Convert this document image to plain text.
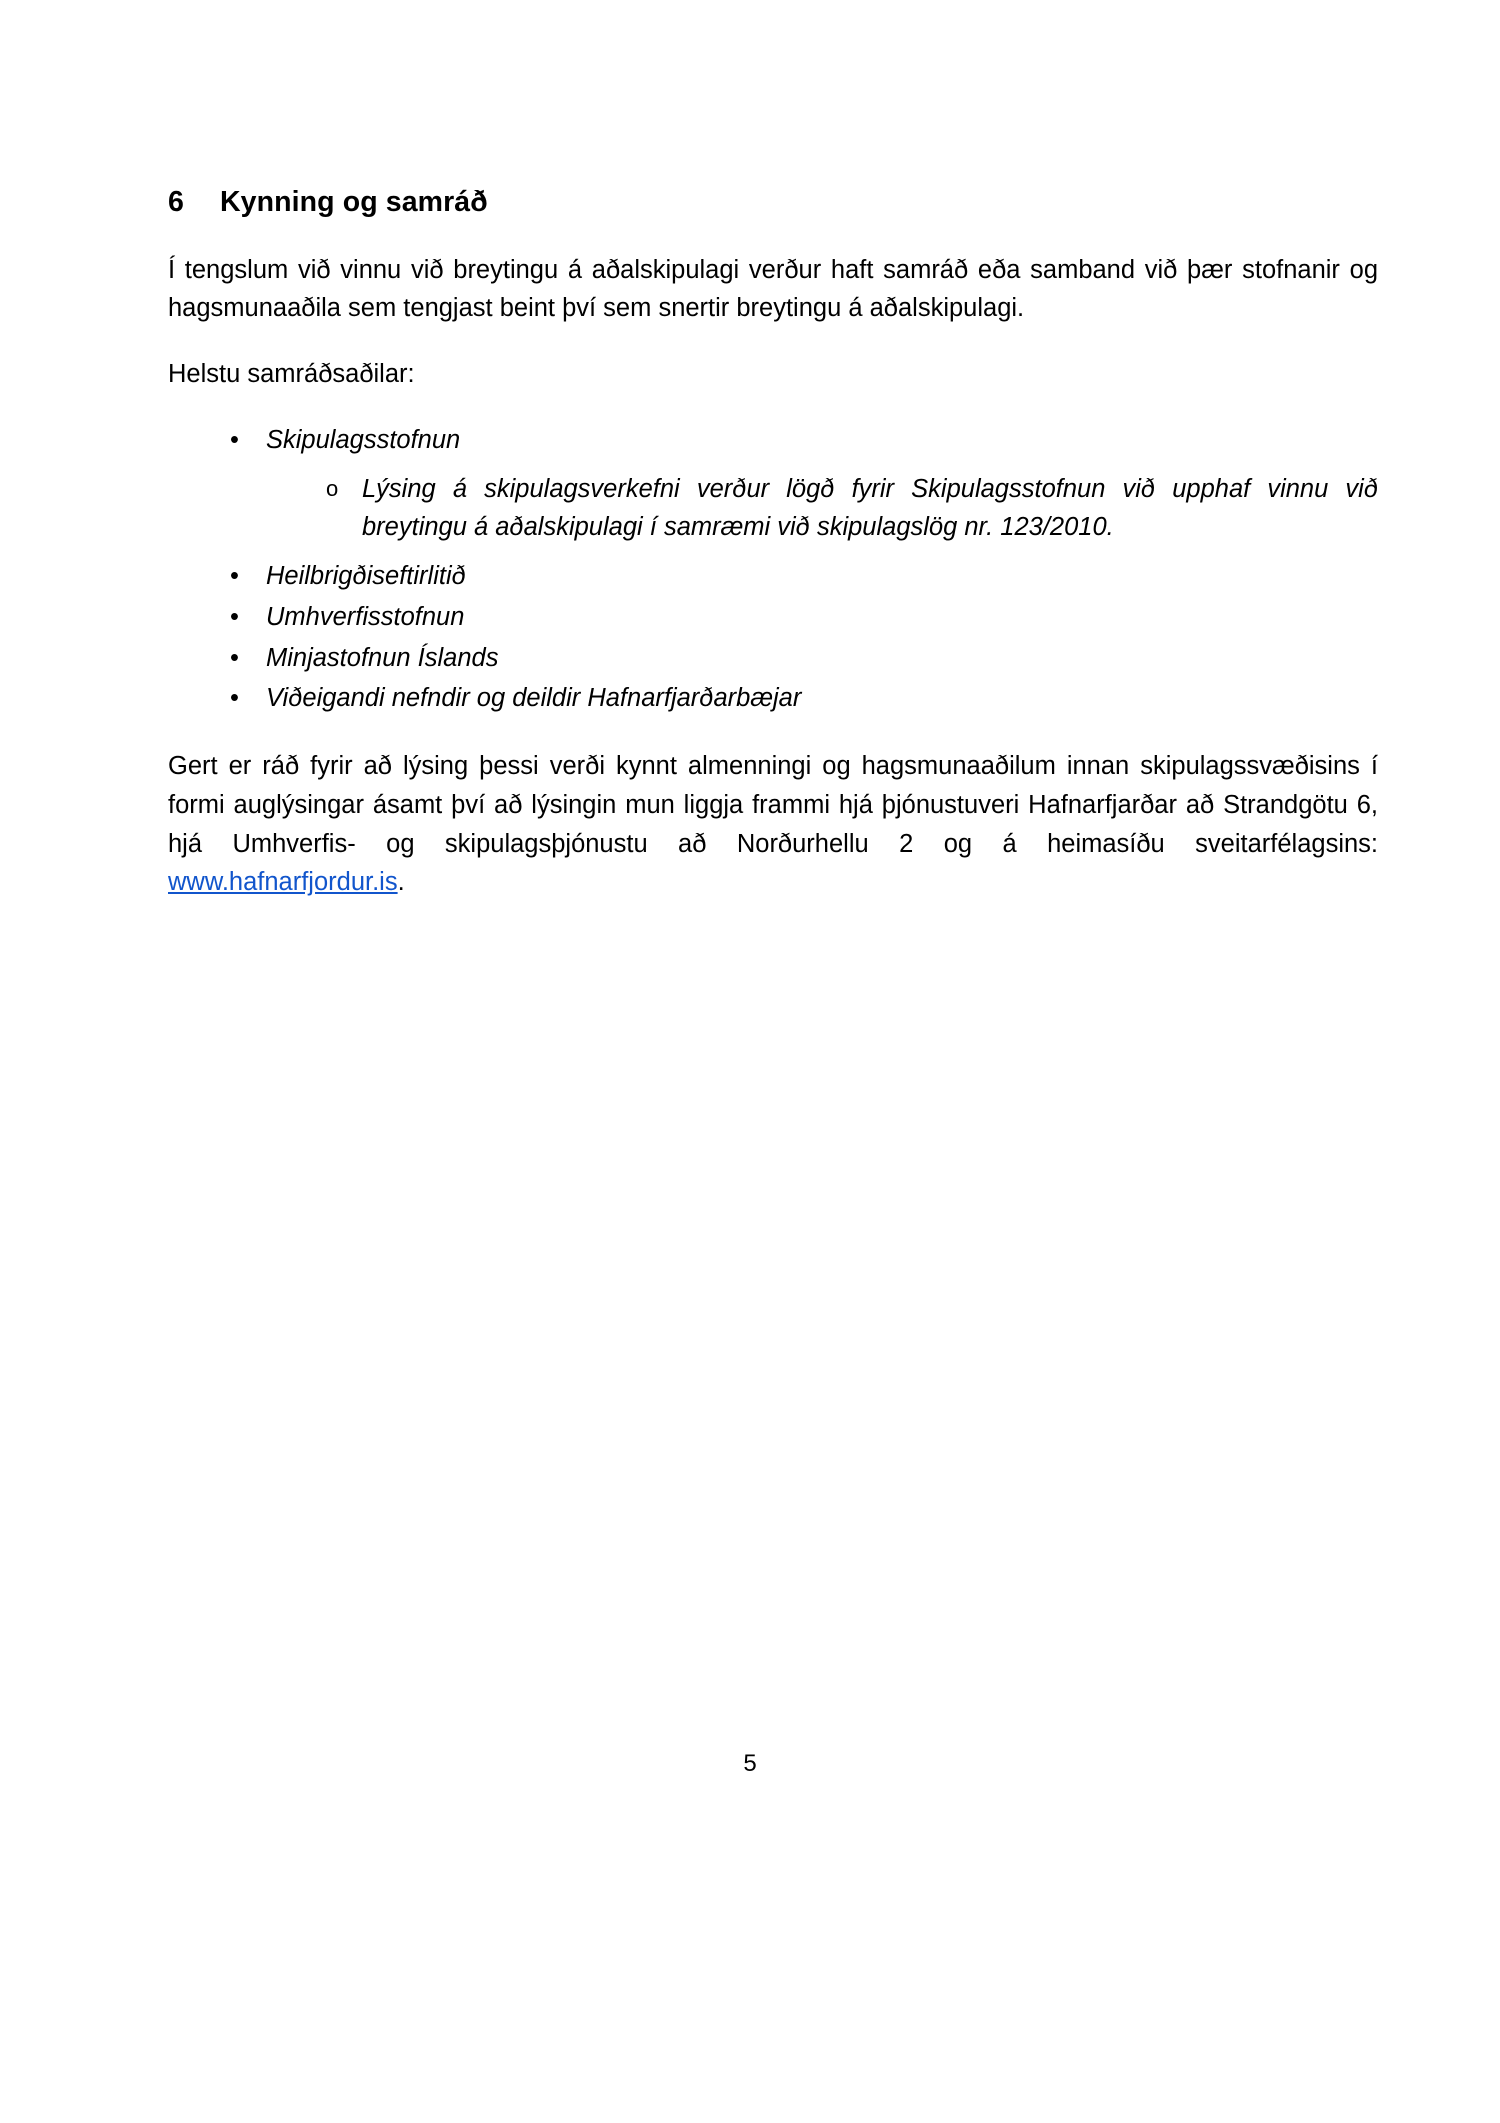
6 Kynning og samráð

Í tengslum við vinnu við breytingu á aðalskipulagi verður haft samráð eða samband við þær stofnanir og hagsmunaaðila sem tengjast beint því sem snertir breytingu á aðalskipulagi.

Helstu samráðsaðilar:

• Skipulagsstofnun
o Lýsing á skipulagsverkefni verður lögð fyrir Skipulagsstofnun við upphaf vinnu við breytingu á aðalskipulagi í samræmi við skipulagslög nr. 123/2010.
• Heilbrigðiseftirlitið
• Umhverfisstofnun
• Minjastofnun Íslands
• Viðeigandi nefndir og deildir Hafnarfjarðarbæjar

Gert er ráð fyrir að lýsing þessi verði kynnt almenningi og hagsmunaaðilum innan skipulagssvæðisins í formi auglýsingar ásamt því að lýsingin mun liggja frammi hjá þjónustuveri Hafnarfjarðar að Strandgötu 6, hjá Umhverfis- og skipulagsþjónustu að Norðurhellu 2 og á heimasíðu sveitarfélagsins: www.hafnarfjordur.is.

5
